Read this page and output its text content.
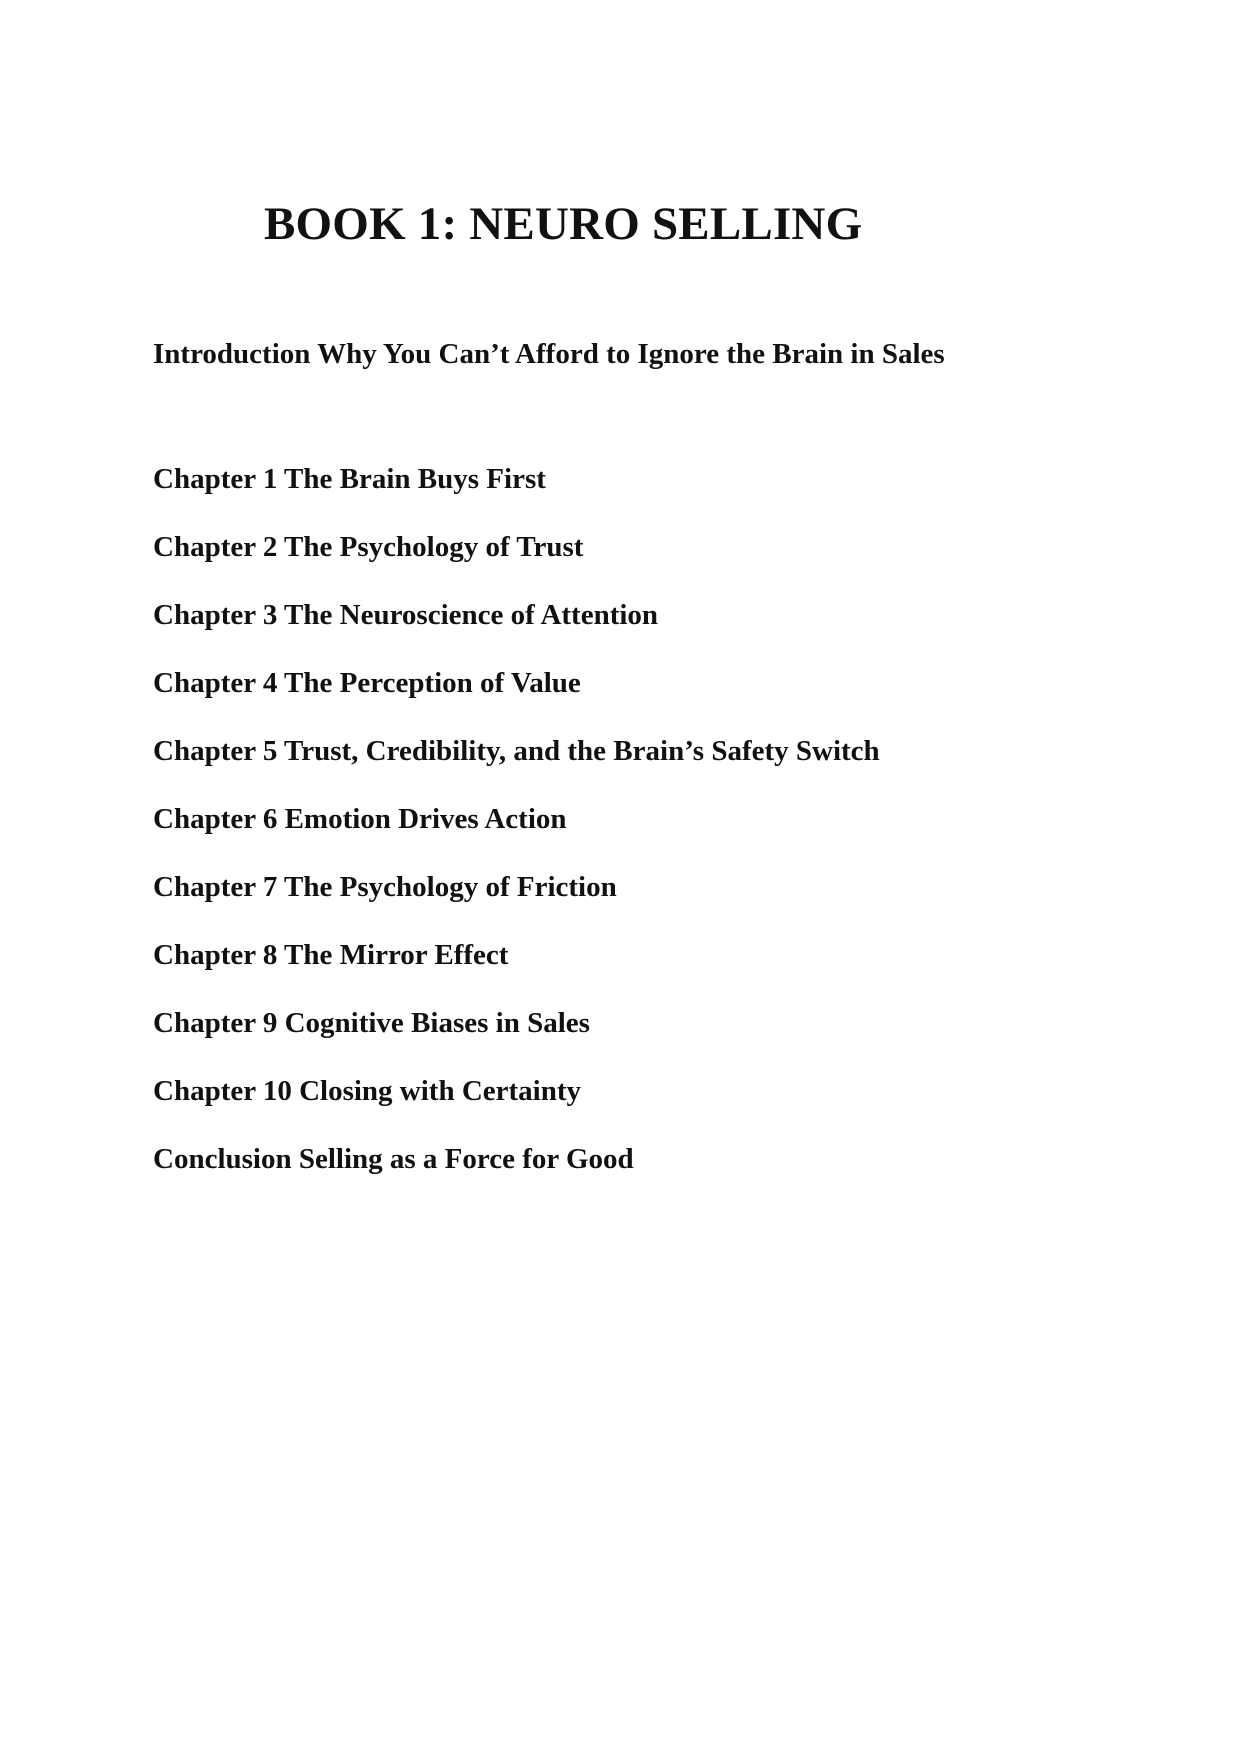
BOOK 1: NEURO SELLING
Introduction Why You Can’t Afford to Ignore the Brain in Sales
Chapter 1 The Brain Buys First
Chapter 2 The Psychology of Trust
Chapter 3 The Neuroscience of Attention
Chapter 4 The Perception of Value
Chapter 5 Trust, Credibility, and the Brain’s Safety Switch
Chapter 6 Emotion Drives Action
Chapter 7 The Psychology of Friction
Chapter 8 The Mirror Effect
Chapter 9 Cognitive Biases in Sales
Chapter 10 Closing with Certainty
Conclusion Selling as a Force for Good
